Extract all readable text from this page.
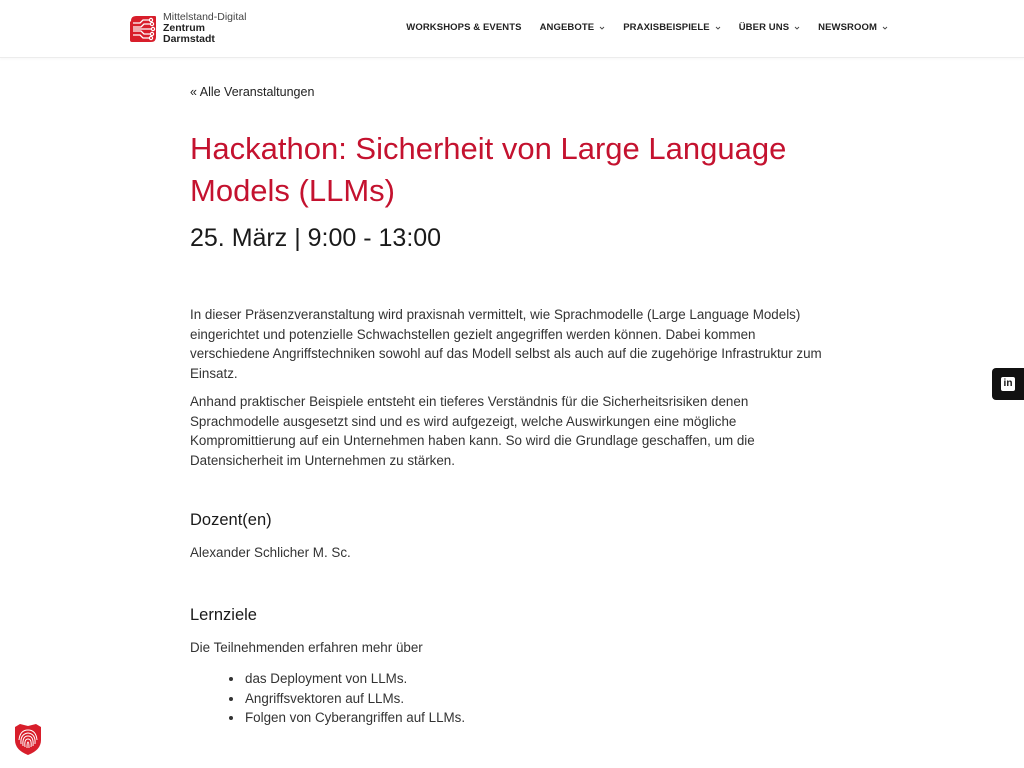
Mittelstand-Digital
Zentrum
Darmstadt
WORKSHOPS & EVENTS ANGEBOTE	PRAXISBEISPIELE	ÜBER UNS	NEWSROOM
« Alle Veranstaltungen
Hackathon: Sicherheit von Large Language Models (LLMs)
25. März | 9:00 - 13:00

In dieser Präsenzveranstaltung wird praxisnah vermittelt, wie Sprachmodelle (Large Language Models) eingerichtet und potenzielle Schwachstellen gezielt angegriffen werden können. Dabei kommen verschiedene Angriffstechniken sowohl auf das Modell selbst als auch auf die zugehörige Infrastruktur zum Einsatz.

Anhand praktischer Beispiele entsteht ein tieferes Verständnis für die Sicherheitsrisiken denen Sprachmodelle ausgesetzt sind und es wird aufgezeigt, welche Auswirkungen eine mögliche Kompromittierung auf ein Unternehmen haben kann. So wird die Grundlage geschaffen, um die Datensicherheit im Unternehmen zu stärken.

Dozent(en)

Alexander Schlicher M. Sc.

Lernziele

Die Teilnehmenden erfahren mehr über

das Deployment von LLMs.
Angriffsvektoren auf LLMs.
Folgen von Cyberangriffen auf LLMs.
in
